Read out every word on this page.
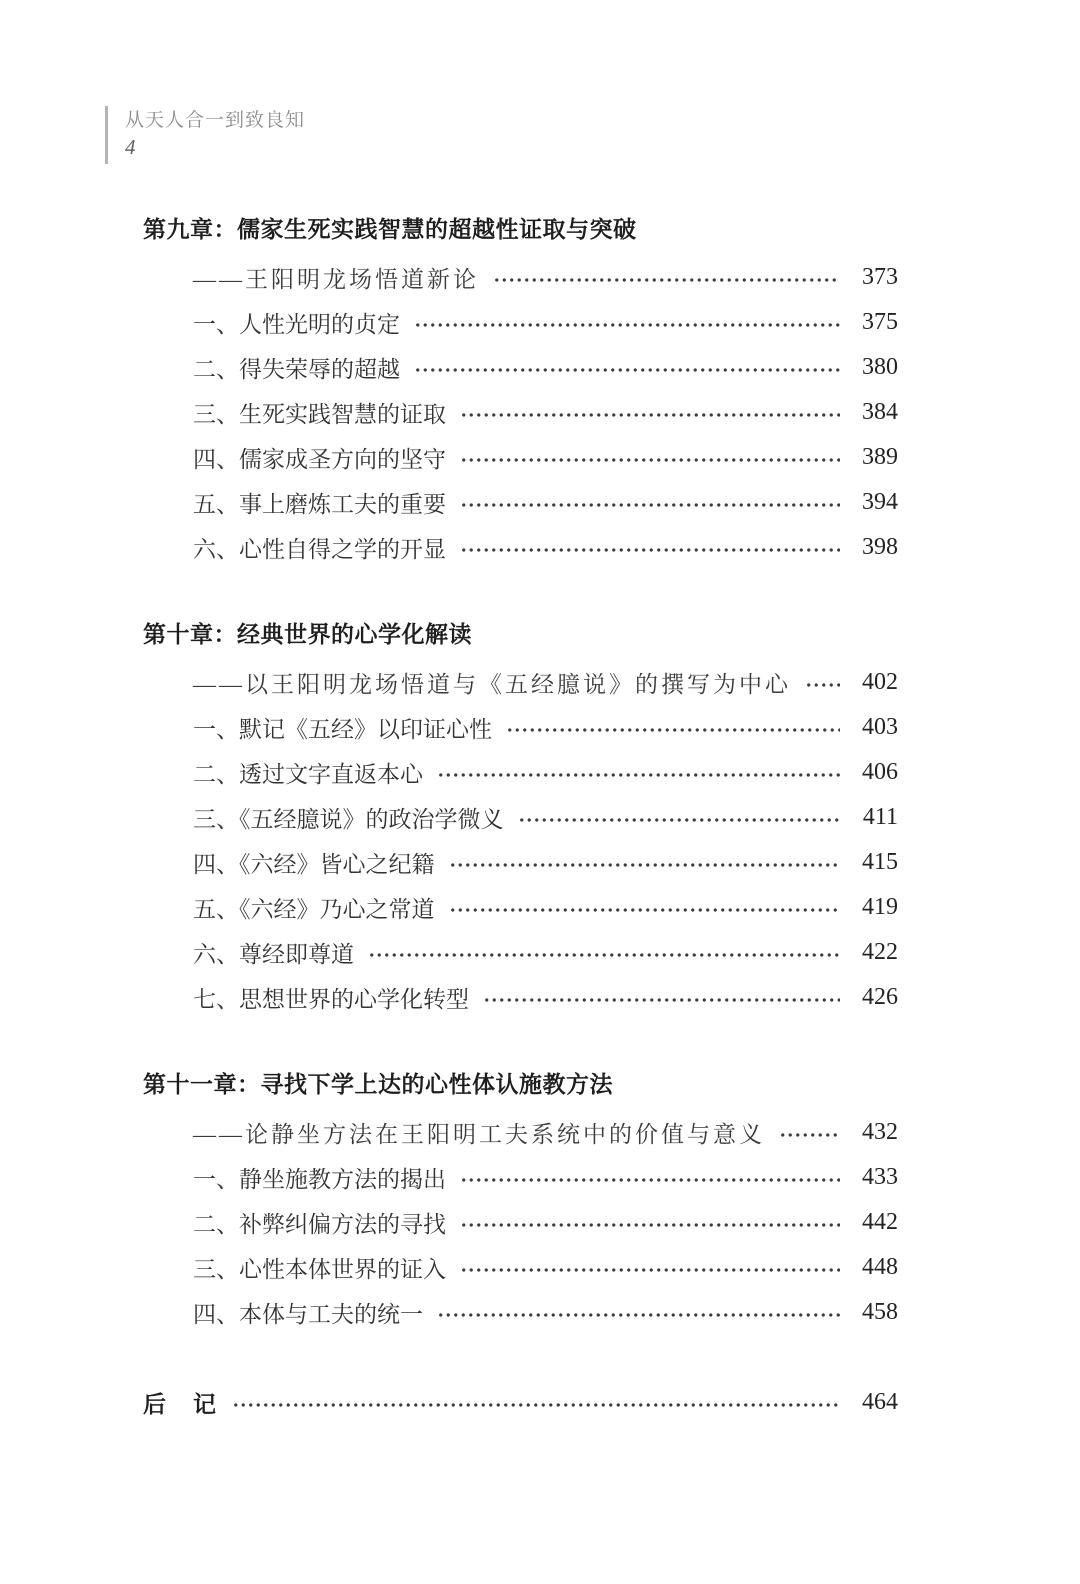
从天人合一到致良知
4
第九章：儒家生死实践智慧的超越性证取与突破
——王阳明龙场悟道新论	373
一、人性光明的贞定	375
二、得失荣辱的超越	380
三、生死实践智慧的证取	384
四、儒家成圣方向的坚守	389
五、事上磨炼工夫的重要	394
六、心性自得之学的开显	398
第十章：经典世界的心学化解读
——以王阳明龙场悟道与《五经臆说》的撰写为中心	402
一、默记《五经》以印证心性	403
二、透过文字直返本心	406
三、《五经臆说》的政治学微义	411
四、《六经》皆心之纪籍	415
五、《六经》乃心之常道	419
六、尊经即尊道	422
七、思想世界的心学化转型	426
第十一章：寻找下学上达的心性体认施教方法
——论静坐方法在王阳明工夫系统中的价值与意义	432
一、静坐施教方法的揭出	433
二、补弊纠偏方法的寻找	442
三、心性本体世界的证入	448
四、本体与工夫的统一	458
后　记	464
